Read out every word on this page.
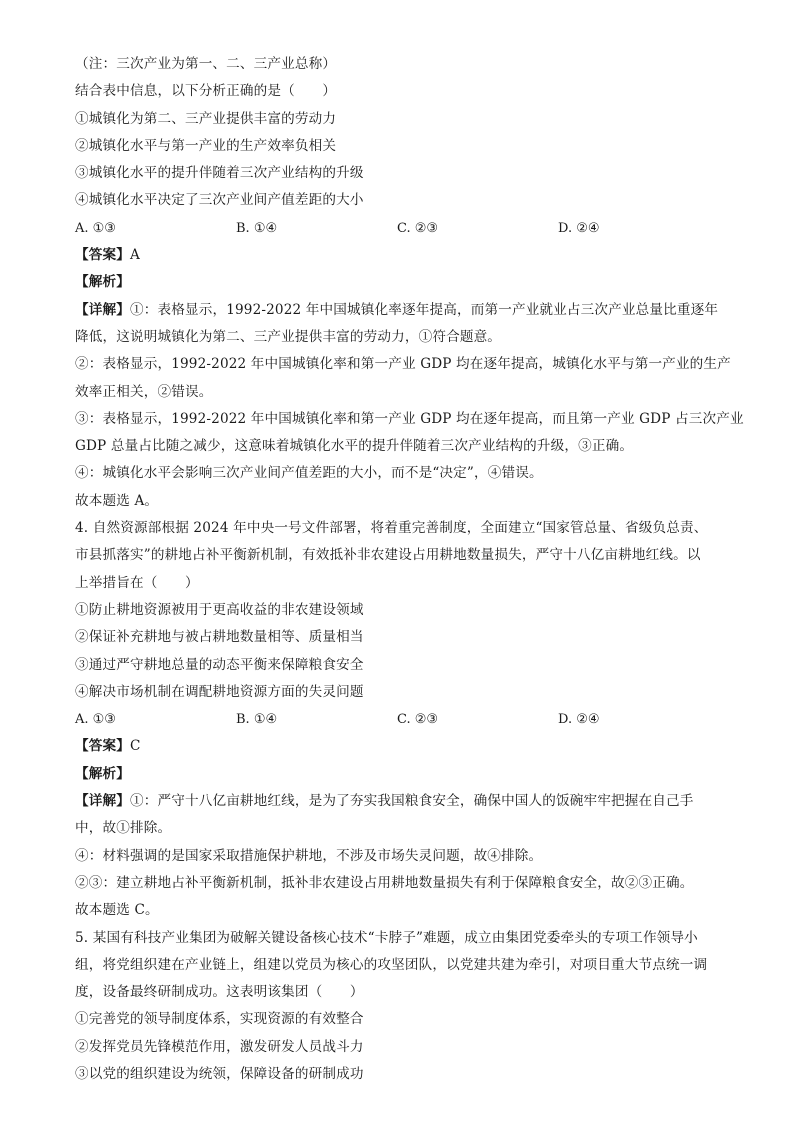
（注：三次产业为第一、二、三产业总称）
结合表中信息，以下分析正确的是（　　）
①城镇化为第二、三产业提供丰富的劳动力
②城镇化水平与第一产业的生产效率负相关
③城镇化水平的提升伴随着三次产业结构的升级
④城镇化水平决定了三次产业间产值差距的大小
A. ①③	B. ①④	C. ②③	D. ②④
【答案】A
【解析】
【详解】①：表格显示，1992-2022 年中国城镇化率逐年提高，而第一产业就业占三次产业总量比重逐年
降低，这说明城镇化为第二、三产业提供丰富的劳动力，①符合题意。
②：表格显示，1992-2022 年中国城镇化率和第一产业 GDP 均在逐年提高，城镇化水平与第一产业的生产
效率正相关，②错误。
③：表格显示，1992-2022 年中国城镇化率和第一产业 GDP 均在逐年提高，而且第一产业 GDP 占三次产业
GDP 总量占比随之减少，这意味着城镇化水平的提升伴随着三次产业结构的升级，③正确。
④：城镇化水平会影响三次产业间产值差距的大小，而不是“决定”，④错误。
故本题选 A。
4. 自然资源部根据 2024 年中央一号文件部署，将着重完善制度，全面建立“国家管总量、省级负总责、
市县抓落实”的耕地占补平衡新机制，有效抵补非农建设占用耕地数量损失，严守十八亿亩耕地红线。以
上举措旨在（　　）
①防止耕地资源被用于更高收益的非农建设领域
②保证补充耕地与被占耕地数量相等、质量相当
③通过严守耕地总量的动态平衡来保障粮食安全
④解决市场机制在调配耕地资源方面的失灵问题
A. ①③	B. ①④	C. ②③	D. ②④
【答案】C
【解析】
【详解】①：严守十八亿亩耕地红线，是为了夯实我国粮食安全，确保中国人的饭碗牢牢把握在自己手
中，故①排除。
④：材料强调的是国家采取措施保护耕地，不涉及市场失灵问题，故④排除。
②③：建立耕地占补平衡新机制，抵补非农建设占用耕地数量损失有利于保障粮食安全，故②③正确。
故本题选 C。
5. 某国有科技产业集团为破解关键设备核心技术“卡脖子”难题，成立由集团党委牵头的专项工作领导小
组，将党组织建在产业链上，组建以党员为核心的攻坚团队，以党建共建为牵引，对项目重大节点统一调
度，设备最终研制成功。这表明该集团（　　）
①完善党的领导制度体系，实现资源的有效整合
②发挥党员先锋模范作用，激发研发人员战斗力
③以党的组织建设为统领，保障设备的研制成功
